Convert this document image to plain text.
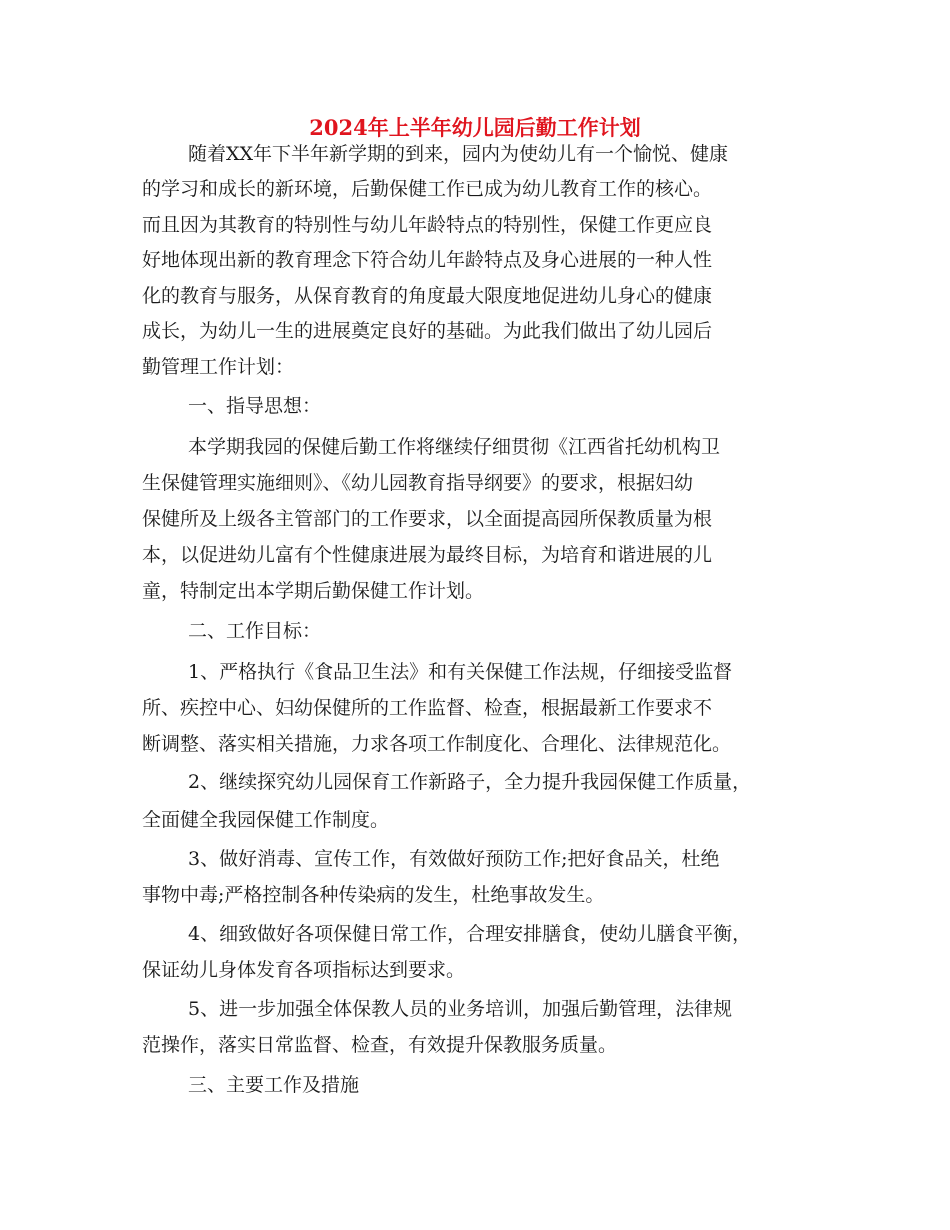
2024年上半年幼儿园后勤工作计划
随着XX年下半年新学期的到来，园内为使幼儿有一个愉悦、健康
的学习和成长的新环境，后勤保健工作已成为幼儿教育工作的核心。
而且因为其教育的特别性与幼儿年龄特点的特别性，保健工作更应良
好地体现出新的教育理念下符合幼儿年龄特点及身心进展的一种人性
化的教育与服务，从保育教育的角度最大限度地促进幼儿身心的健康
成长，为幼儿一生的进展奠定良好的基础。为此我们做出了幼儿园后
勤管理工作计划：
一、指导思想：
本学期我园的保健后勤工作将继续仔细贯彻《江西省托幼机构卫
生保健管理实施细则》、《幼儿园教育指导纲要》的要求，根据妇幼
保健所及上级各主管部门的工作要求，以全面提高园所保教质量为根
本，以促进幼儿富有个性健康进展为最终目标，为培育和谐进展的儿
童，特制定出本学期后勤保健工作计划。
二、工作目标：
1、严格执行《食品卫生法》和有关保健工作法规，仔细接受监督
所、疾控中心、妇幼保健所的工作监督、检查，根据最新工作要求不
断调整、落实相关措施，力求各项工作制度化、合理化、法律规范化。
2、继续探究幼儿园保育工作新路子，全力提升我园保健工作质量，
全面健全我园保健工作制度。
3、做好消毒、宣传工作，有效做好预防工作;把好食品关，杜绝
事物中毒;严格控制各种传染病的发生，杜绝事故发生。
4、细致做好各项保健日常工作，合理安排膳食，使幼儿膳食平衡，
保证幼儿身体发育各项指标达到要求。
5、进一步加强全体保教人员的业务培训，加强后勤管理，法律规
范操作，落实日常监督、检查，有效提升保教服务质量。
三、主要工作及措施
